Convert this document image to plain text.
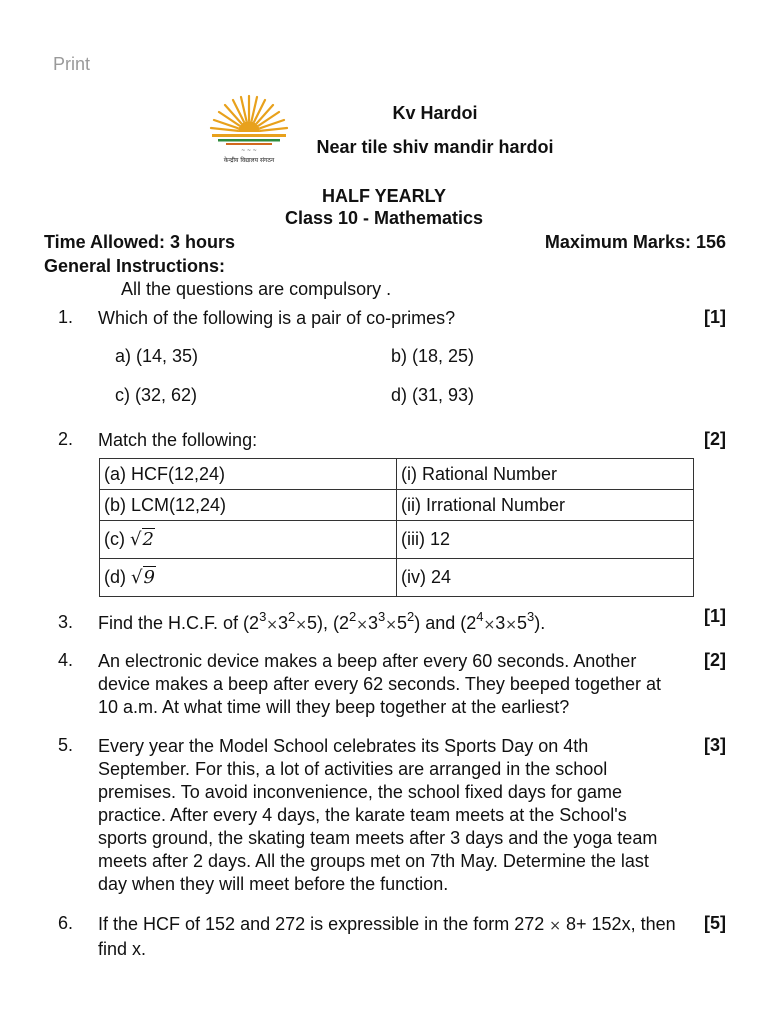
Print
~ ~ ~
केन्द्रीय विद्यालय संगठन
Kv Hardoi
Near tile shiv mandir hardoi
HALF YEARLY
Class 10 - Mathematics
Time Allowed: 3 hours	Maximum Marks: 156
General Instructions:
All the questions are compulsory .
1. Which of the following is a pair of co-primes?	[1]
a) (14, 35)	b) (18, 25)
c) (32, 62)	d) (31, 93)
2. Match the following:	[2]
(a) HCF(12,24)	(i) Rational Number
(b) LCM(12,24)	(ii) Irrational Number
(c) √2	(iii) 12
(d) √9	(iv) 24
3. Find the H.C.F. of $(2^3\times 3^2\times 5)$, $(2^2\times 3^3\times 5^2)$ and $(2^4\times 3\times 5^3)$.	[1]
4. An electronic device makes a beep after every 60 seconds. Another device makes a beep after every 62 seconds. They beeped together at 10 a.m. At what time will they beep together at the earliest?
[2]
5. Every year the Model School celebrates its Sports Day on 4th September. For this, a lot of activities are arranged in the school premises. To avoid inconvenience, the school fixed days for game practice. After every 4 days, the karate team meets at the School's sports ground, the skating team meets after 3 days and the yoga team meets after 2 days. All the groups met on 7th May. Determine the last day when they will meet before the function.
[3]
6. If the HCF of 152 and 272 is expressible in the form 272 × 8+ 152x, then find x.
[5]
